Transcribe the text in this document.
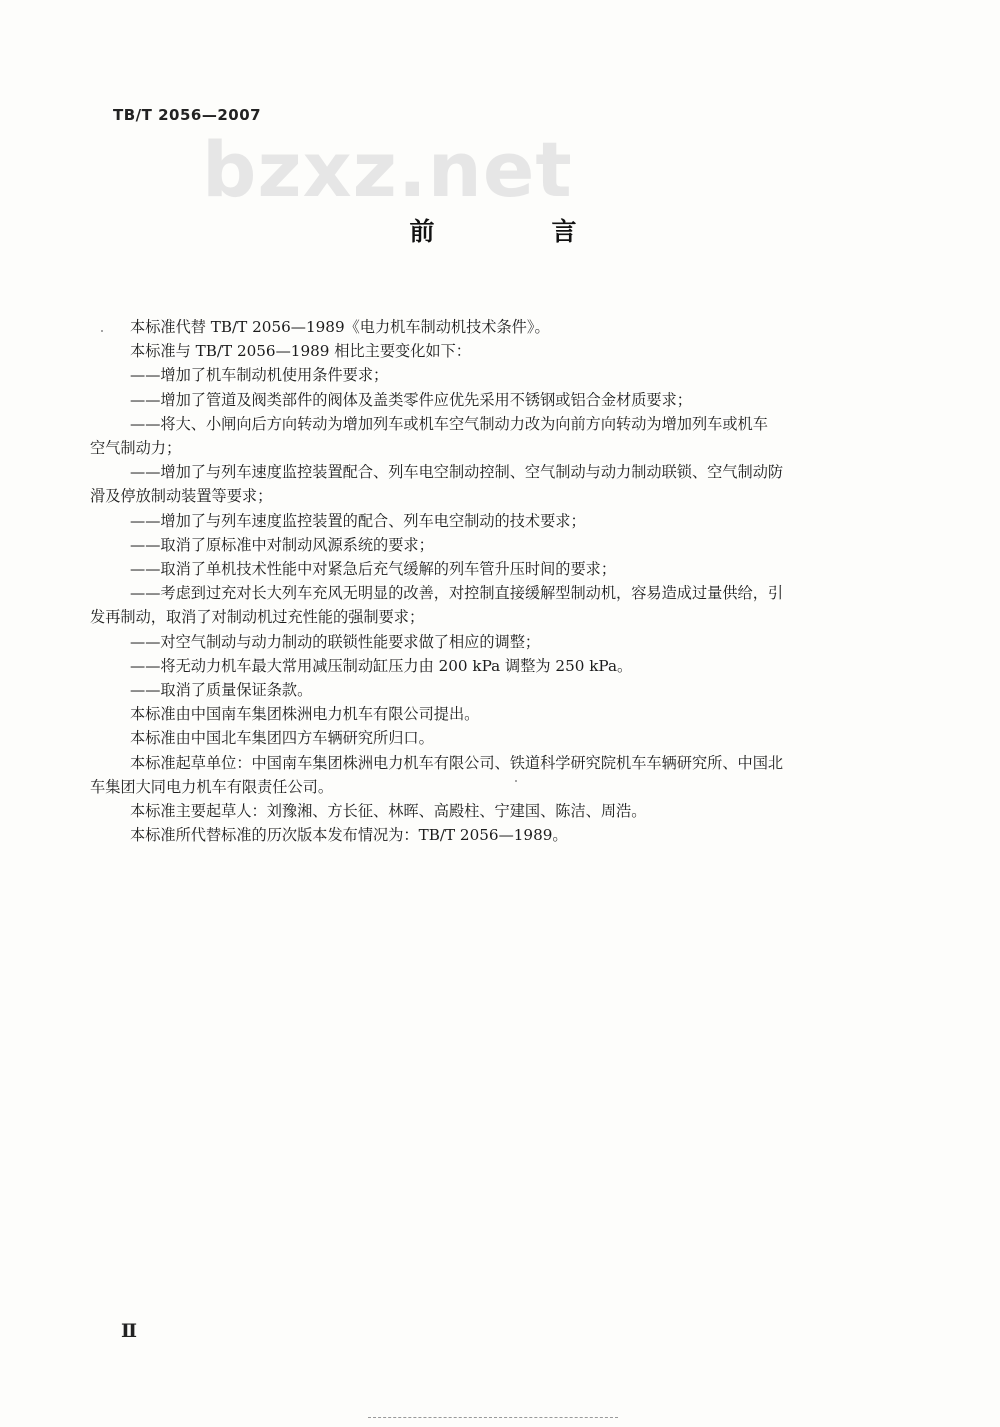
TB/T 2056—2007
bzxz.net
前　言

本标准代替 TB/T 2056—1989《电力机车制动机技术条件》。

本标准与 TB/T 2056—1989 相比主要变化如下：

——增加了机车制动机使用条件要求；

——增加了管道及阀类部件的阀体及盖类零件应优先采用不锈钢或铝合金材质要求；

——将大、小闸向后方向转动为增加列车或机车空气制动力改为向前方向转动为增加列车或机车

空气制动力；

——增加了与列车速度监控装置配合、列车电空制动控制、空气制动与动力制动联锁、空气制动防

滑及停放制动装置等要求；

——增加了与列车速度监控装置的配合、列车电空制动的技术要求；

——取消了原标准中对制动风源系统的要求；

——取消了单机技术性能中对紧急后充气缓解的列车管升压时间的要求；

——考虑到过充对长大列车充风无明显的改善，对控制直接缓解型制动机，容易造成过量供给，引

发再制动，取消了对制动机过充性能的强制要求；

——对空气制动与动力制动的联锁性能要求做了相应的调整；

——将无动力机车最大常用减压制动缸压力由 200 kPa 调整为 250 kPa。

——取消了质量保证条款。

本标准由中国南车集团株洲电力机车有限公司提出。

本标准由中国北车集团四方车辆研究所归口。

本标准起草单位：中国南车集团株洲电力机车有限公司、铁道科学研究院机车车辆研究所、中国北

车集团大同电力机车有限责任公司。

本标准主要起草人：刘豫湘、方长征、林晖、高殿柱、宁建国、陈洁、周浩。

本标准所代替标准的历次版本发布情况为：TB/T 2056—1989。

Ⅱ
